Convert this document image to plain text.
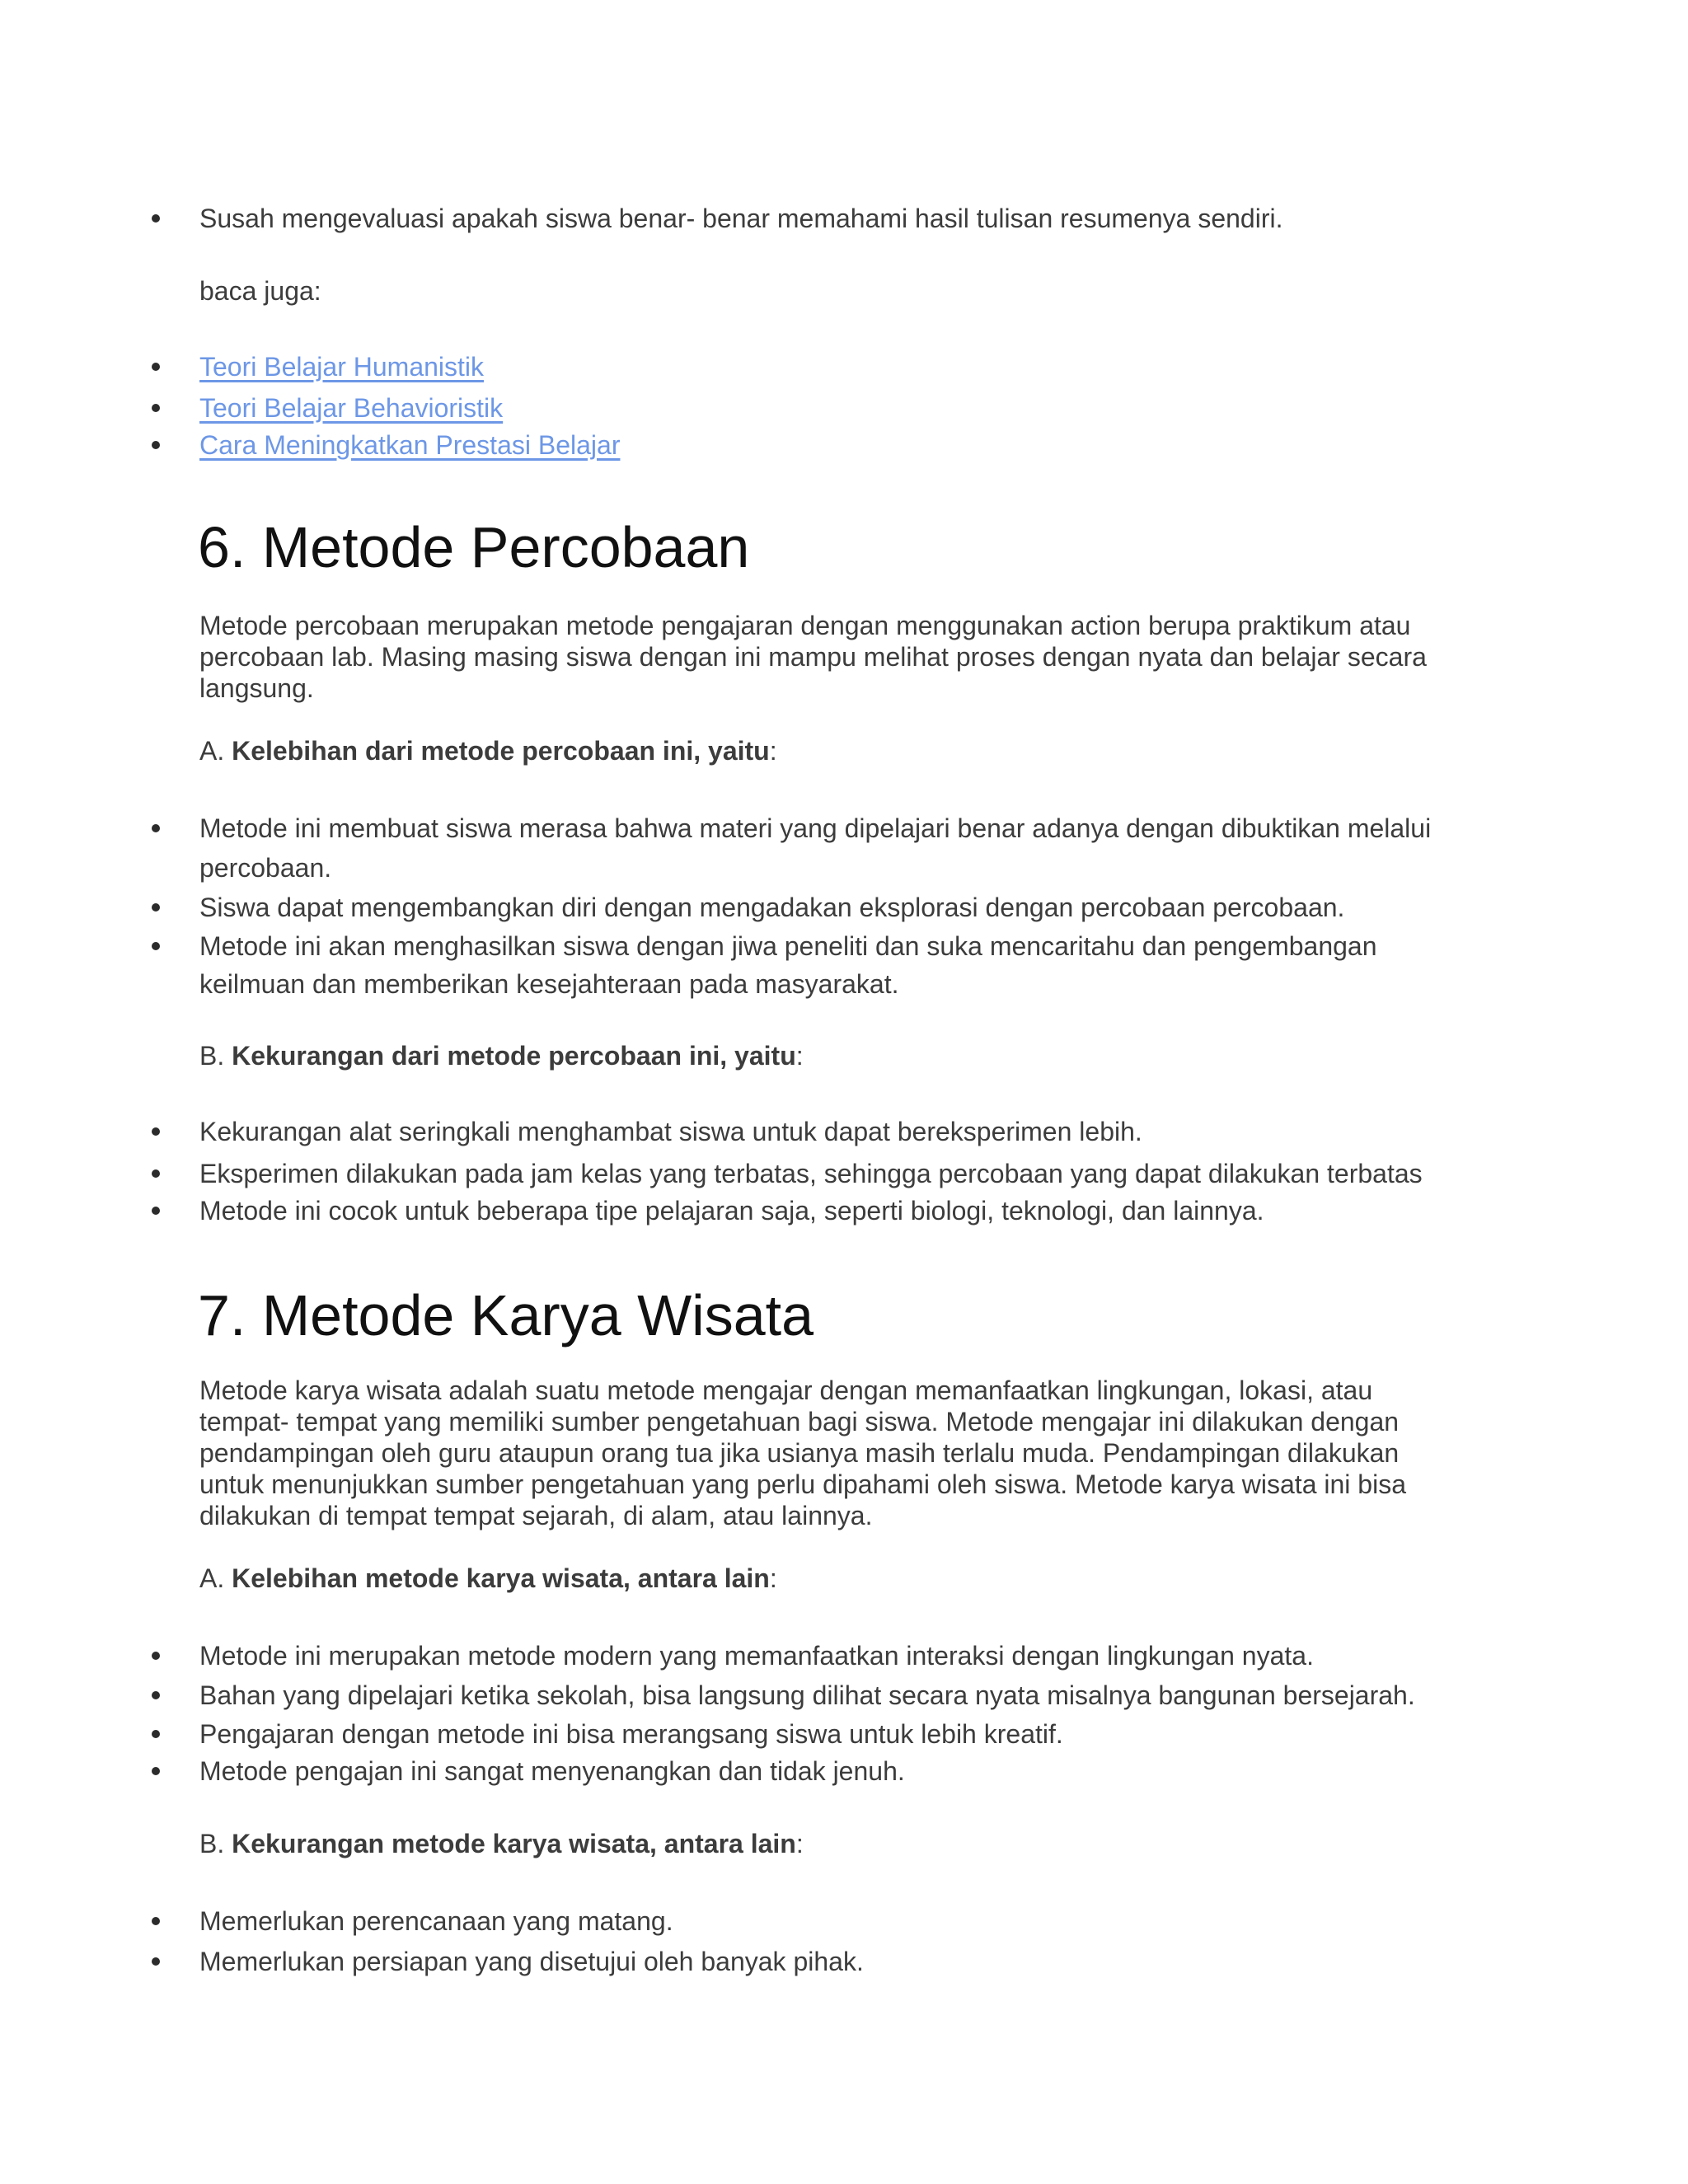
Susah mengevaluasi apakah siswa benar- benar memahami hasil tulisan resumenya sendiri.
baca juga:
Teori Belajar Humanistik
Teori Belajar Behavioristik
Cara Meningkatkan Prestasi Belajar
6. Metode Percobaan
Metode percobaan merupakan metode pengajaran dengan menggunakan action berupa praktikum atau
percobaan lab. Masing masing siswa dengan ini mampu melihat proses dengan nyata dan belajar secara
langsung.
A. Kelebihan dari metode percobaan ini, yaitu:
Metode ini membuat siswa merasa bahwa materi yang dipelajari benar adanya dengan dibuktikan melalui
percobaan.
Siswa dapat mengembangkan diri dengan mengadakan eksplorasi dengan percobaan percobaan.
Metode ini akan menghasilkan siswa dengan jiwa peneliti dan suka mencaritahu dan pengembangan
keilmuan dan memberikan kesejahteraan pada masyarakat.
B. Kekurangan dari metode percobaan ini, yaitu:
Kekurangan alat seringkali menghambat siswa untuk dapat bereksperimen lebih.
Eksperimen dilakukan pada jam kelas yang terbatas, sehingga percobaan yang dapat dilakukan terbatas
Metode ini cocok untuk beberapa tipe pelajaran saja, seperti biologi, teknologi, dan lainnya.
7. Metode Karya Wisata
Metode karya wisata adalah suatu metode mengajar dengan memanfaatkan lingkungan, lokasi, atau
tempat- tempat yang memiliki sumber pengetahuan bagi siswa. Metode mengajar ini dilakukan dengan
pendampingan oleh guru ataupun orang tua jika usianya masih terlalu muda. Pendampingan dilakukan
untuk menunjukkan sumber pengetahuan yang perlu dipahami oleh siswa. Metode karya wisata ini bisa
dilakukan di tempat tempat sejarah, di alam, atau lainnya.
A. Kelebihan metode karya wisata, antara lain:
Metode ini merupakan metode modern yang memanfaatkan interaksi dengan lingkungan nyata.
Bahan yang dipelajari ketika sekolah, bisa langsung dilihat secara nyata misalnya bangunan bersejarah.
Pengajaran dengan metode ini bisa merangsang siswa untuk lebih kreatif.
Metode pengajan ini sangat menyenangkan dan tidak jenuh.
B. Kekurangan metode karya wisata, antara lain:
Memerlukan perencanaan yang matang.
Memerlukan persiapan yang disetujui oleh banyak pihak.
